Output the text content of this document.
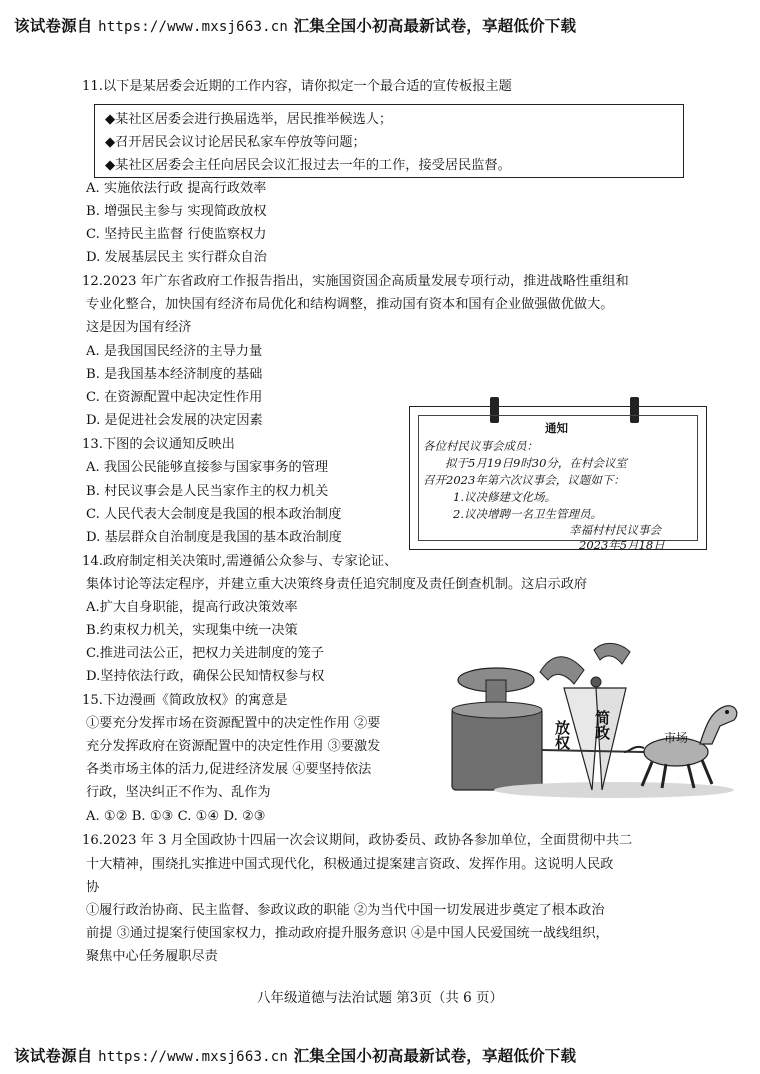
该试卷源自 https://www.mxsj663.cn 汇集全国小初高最新试卷，享超低价下载
11.以下是某居委会近期的工作内容，请你拟定一个最合适的宣传板报主题
◆某社区居委会进行换届选举，居民推举候选人；
◆召开居民会议讨论居民私家车停放等问题；
◆某社区居委会主任向居民会议汇报过去一年的工作，接受居民监督。
A. 实施依法行政 提高行政效率
B. 增强民主参与 实现简政放权
C. 坚持民主监督 行使监察权力
D. 发展基层民主 实行群众自治
12.2023 年广东省政府工作报告指出，实施国资国企高质量发展专项行动，推进战略性重组和
专业化整合，加快国有经济布局优化和结构调整，推动国有资本和国有企业做强做优做大。
这是因为国有经济
A. 是我国国民经济的主导力量
B. 是我国基本经济制度的基础
C. 在资源配置中起决定性作用
D. 是促进社会发展的决定因素
13.下图的会议通知反映出
A. 我国公民能够直接参与国家事务的管理
B. 村民议事会是人民当家作主的权力机关
C. 人民代表大会制度是我国的根本政治制度
D. 基层群众自治制度是我国的基本政治制度
通知
各位村民议事会成员：
拟于5月19日9时30分，在村会议室
召开2023年第六次议事会，议题如下：
1.议决修建文化场。
2.议决增聘一名卫生管理员。
幸福村村民议事会
2023年5月18日
14.政府制定相关决策时,需遵循公众参与、专家论证、
集体讨论等法定程序，并建立重大决策终身责任追究制度及责任倒查机制。这启示政府
A.扩大自身职能，提高行政决策效率
B.约束权力机关，实现集中统一决策
C.推进司法公正，把权力关进制度的笼子
D.坚持依法行政，确保公民知情权参与权
15.下边漫画《简政放权》的寓意是
①要充分发挥市场在资源配置中的决定性作用 ②要
充分发挥政府在资源配置中的决定性作用 ③要激发
各类市场主体的活力,促进经济发展 ④要坚持依法
行政，坚决纠正不作为、乱作为
A. ①② B. ①③ C. ①④ D. ②③
放权 简政	市场
16.2023 年 3 月全国政协十四届一次会议期间，政协委员、政协各参加单位，全面贯彻中共二
十大精神，围绕扎实推进中国式现代化，积极通过提案建言资政、发挥作用。这说明人民政
协
①履行政治协商、民主监督、参政议政的职能 ②为当代中国一切发展进步奠定了根本政治
前提 ③通过提案行使国家权力，推动政府提升服务意识 ④是中国人民爱国统一战线组织，
聚焦中心任务履职尽责
八年级道德与法治试题 第3页（共 6 页）
该试卷源自 https://www.mxsj663.cn 汇集全国小初高最新试卷，享超低价下载
